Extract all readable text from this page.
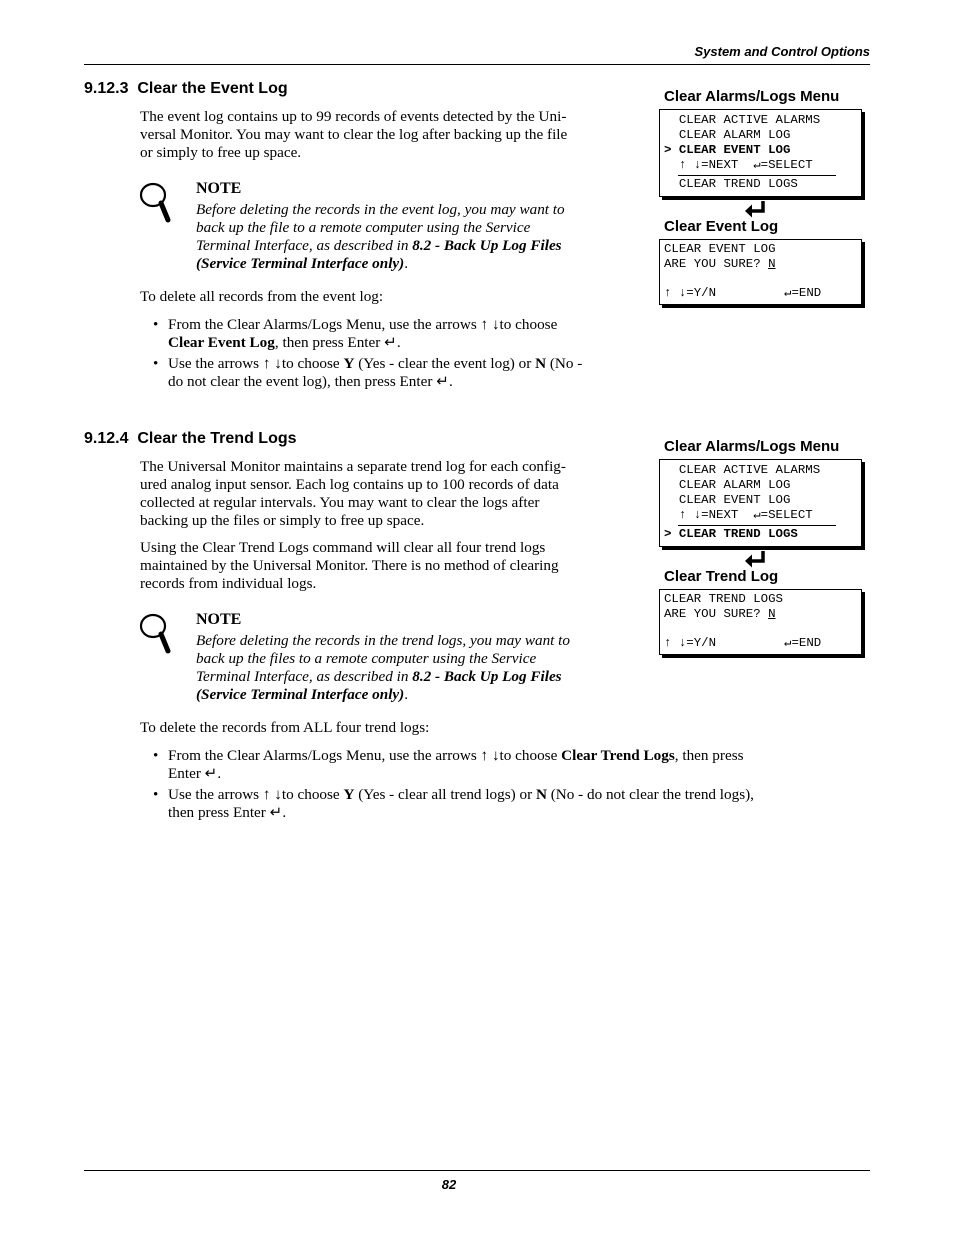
System and Control Options
9.12.3  Clear the Event Log
The event log contains up to 99 records of events detected by the Uni-
versal Monitor. You may want to clear the log after backing up the file
or simply to free up space.
NOTE
Before deleting the records in the event log, you may want to
back up the file to a remote computer using the Service
Terminal Interface, as described in 8.2 - Back Up Log Files
(Service Terminal Interface only).
To delete all records from the event log:
• From the Clear Alarms/Logs Menu, use the arrows ↑ ↓to choose
Clear Event Log, then press Enter ↵.
• Use the arrows ↑ ↓to choose Y (Yes - clear the event log) or N (No -
do not clear the event log), then press Enter ↵.
Clear Alarms/Logs Menu
CLEAR ACTIVE ALARMS
CLEAR ALARM LOG
> CLEAR EVENT LOG
↑ ↓=NEXT  ↵=SELECT
CLEAR TREND LOGS
Clear Event Log
CLEAR EVENT LOG
ARE YOU SURE? N
↑ ↓=Y/N	↵=END
9.12.4  Clear the Trend Logs
The Universal Monitor maintains a separate trend log for each config-
ured analog input sensor. Each log contains up to 100 records of data
collected at regular intervals. You may want to clear the logs after
backing up the files or simply to free up space.
Using the Clear Trend Logs command will clear all four trend logs
maintained by the Universal Monitor. There is no method of clearing
records from individual logs.
NOTE
Before deleting the records in the trend logs, you may want to
back up the files to a remote computer using the Service
Terminal Interface, as described in 8.2 - Back Up Log Files
(Service Terminal Interface only).
To delete the records from ALL four trend logs:
• From the Clear Alarms/Logs Menu, use the arrows ↑ ↓to choose Clear Trend Logs, then press
Enter ↵.
• Use the arrows ↑ ↓to choose Y (Yes - clear all trend logs) or N (No - do not clear the trend logs),
then press Enter ↵.
Clear Alarms/Logs Menu
CLEAR ACTIVE ALARMS
CLEAR ALARM LOG
CLEAR EVENT LOG
↑ ↓=NEXT  ↵=SELECT
> CLEAR TREND LOGS
Clear Trend Log
CLEAR TREND LOGS
ARE YOU SURE? N
↑ ↓=Y/N	↵=END
82
